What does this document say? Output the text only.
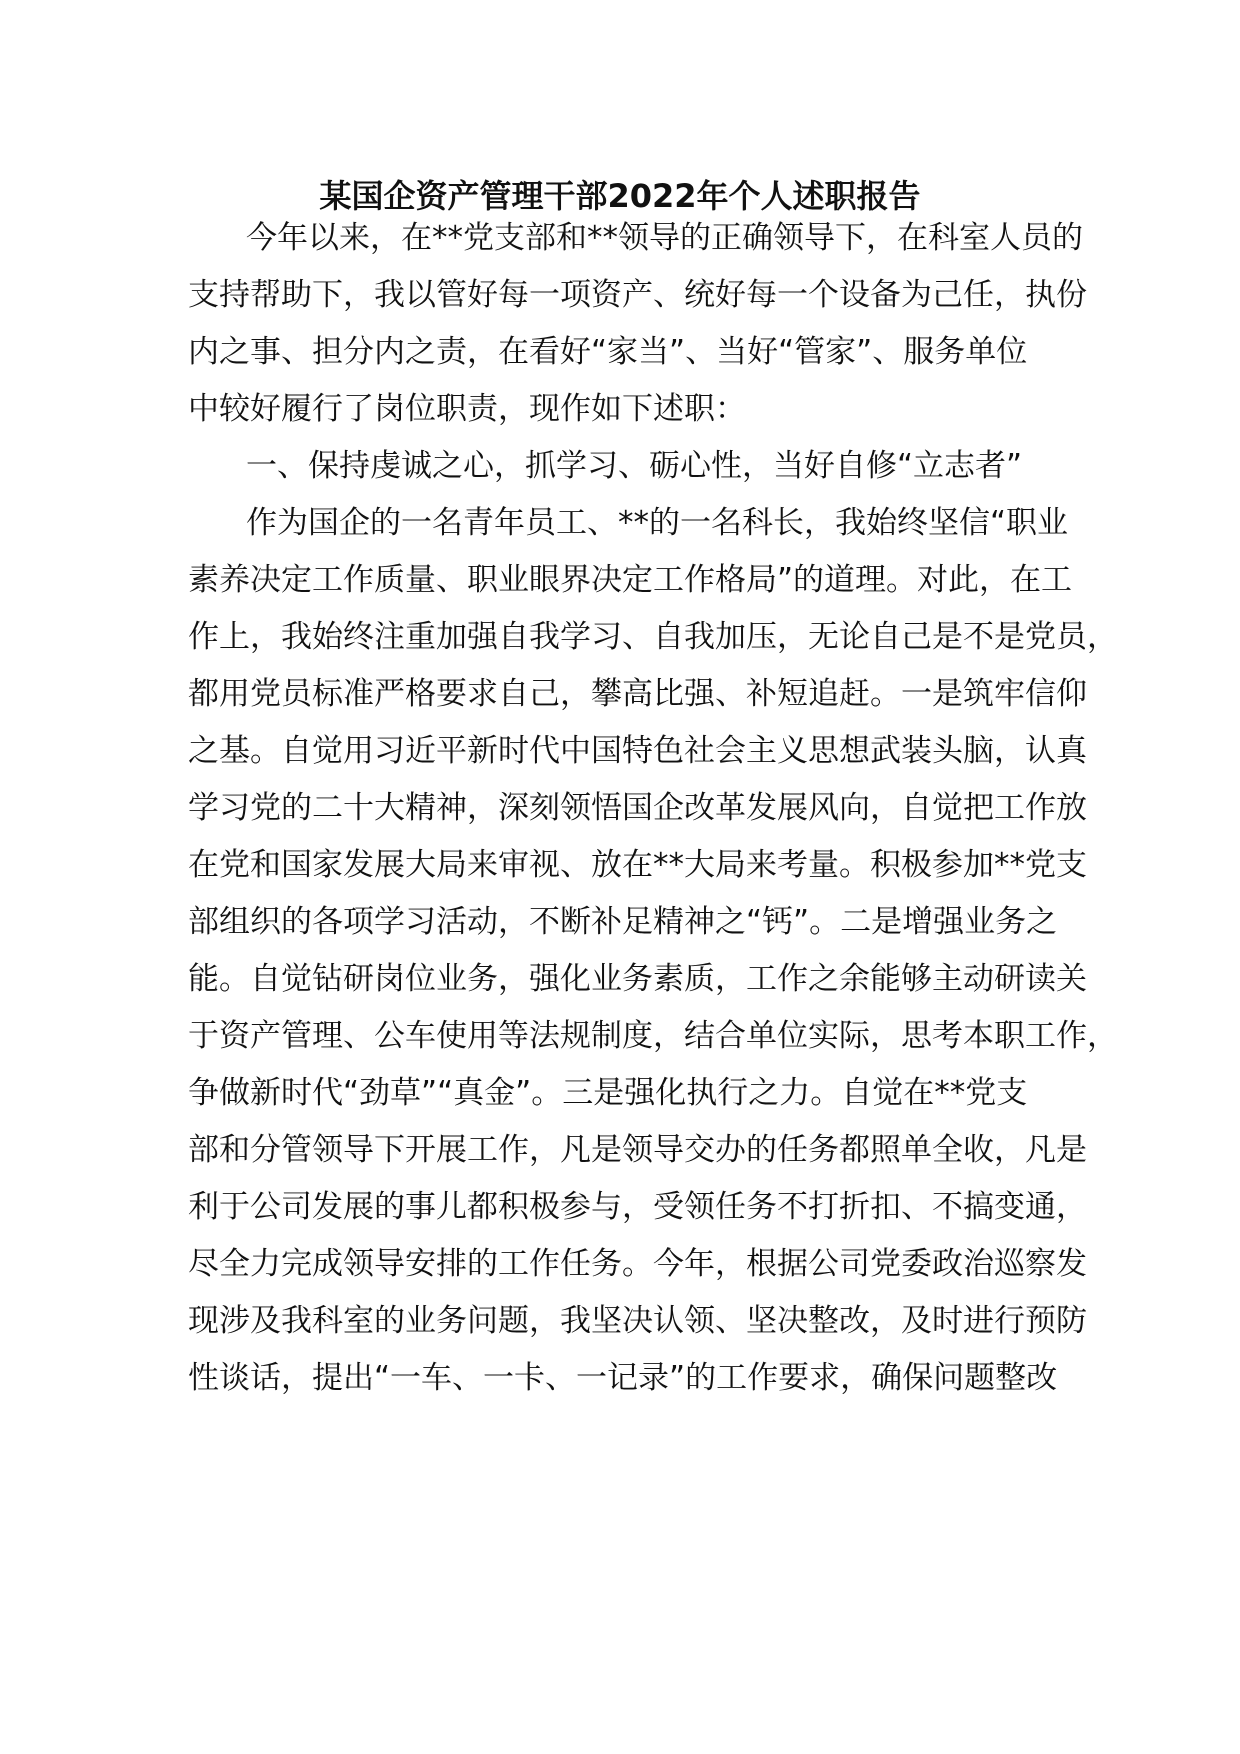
某国企资产管理干部2022年个人述职报告

今年以来，在**党支部和**领导的正确领导下，在科室人员的

支持帮助下，我以管好每一项资产、统好每一个设备为己任，执份

内之事、担分内之责，在看好“家当”、当好“管家”、服务单位

中较好履行了岗位职责，现作如下述职：

一、保持虔诚之心，抓学习、砺心性，当好自修“立志者”

作为国企的一名青年员工、**的一名科长，我始终坚信“职业

素养决定工作质量、职业眼界决定工作格局”的道理。对此，在工

作上，我始终注重加强自我学习、自我加压，无论自己是不是党员，

都用党员标准严格要求自己，攀高比强、补短追赶。一是筑牢信仰

之基。自觉用习近平新时代中国特色社会主义思想武装头脑，认真

学习党的二十大精神，深刻领悟国企改革发展风向，自觉把工作放

在党和国家发展大局来审视、放在**大局来考量。积极参加**党支

部组织的各项学习活动，不断补足精神之“钙”。二是增强业务之

能。自觉钻研岗位业务，强化业务素质，工作之余能够主动研读关

于资产管理、公车使用等法规制度，结合单位实际，思考本职工作，

争做新时代“劲草”“真金”。三是强化执行之力。自觉在**党支

部和分管领导下开展工作，凡是领导交办的任务都照单全收，凡是

利于公司发展的事儿都积极参与，受领任务不打折扣、不搞变通，

尽全力完成领导安排的工作任务。今年，根据公司党委政治巡察发

现涉及我科室的业务问题，我坚决认领、坚决整改，及时进行预防

性谈话，提出“一车、一卡、一记录”的工作要求，确保问题整改
